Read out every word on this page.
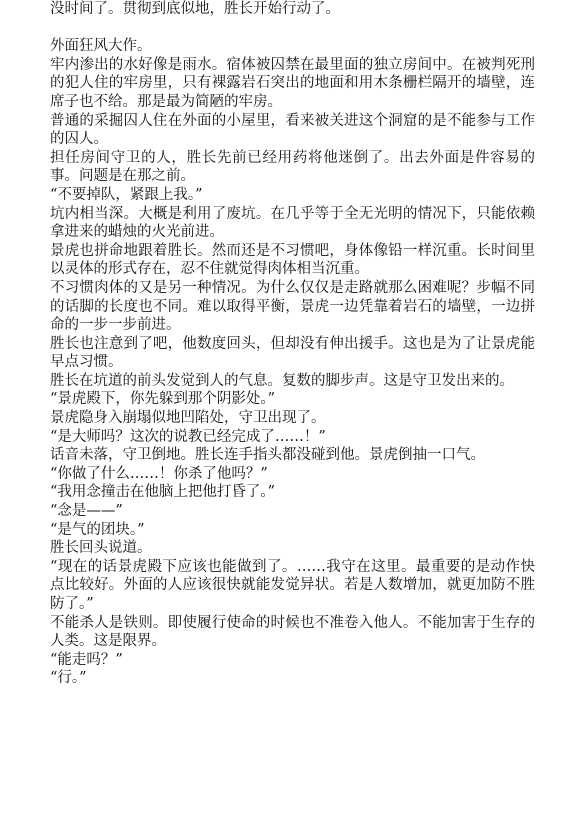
没时间了。贯彻到底似地，胜长开始行动了。

外面狂风大作。

牢内渗出的水好像是雨水。宿体被囚禁在最里面的独立房间中。在被判死刑的犯人住的牢房里，只有裸露岩石突出的地面和用木条栅栏隔开的墙壁，连席子也不给。那是最为简陋的牢房。

普通的采掘囚人住在外面的小屋里，看来被关进这个洞窟的是不能参与工作的囚人。

担任房间守卫的人，胜长先前已经用药将他迷倒了。出去外面是件容易的事。问题是在那之前。

“不要掉队，紧跟上我。”

坑内相当深。大概是利用了废坑。在几乎等于全无光明的情况下，只能依赖拿进来的蜡烛的火光前进。

景虎也拼命地跟着胜长。然而还是不习惯吧，身体像铅一样沉重。长时间里以灵体的形式存在，忍不住就觉得肉体相当沉重。

不习惯肉体的又是另一种情况。为什么仅仅是走路就那么困难呢？步幅不同的话脚的长度也不同。难以取得平衡，景虎一边凭靠着岩石的墙壁，一边拼命的一步一步前进。

胜长也注意到了吧，他数度回头，但却没有伸出援手。这也是为了让景虎能早点习惯。

胜长在坑道的前头发觉到人的气息。复数的脚步声。这是守卫发出来的。

“景虎殿下，你先躲到那个阴影处。”

景虎隐身入崩塌似地凹陷处，守卫出现了。

“是大师吗？这次的说教已经完成了……！”

话音未落，守卫倒地。胜长连手指头都没碰到他。景虎倒抽一口气。

“你做了什么……！你杀了他吗？”

“我用念撞击在他脑上把他打昏了。”

“念是——”

“是气的团块。”

胜长回头说道。

“现在的话景虎殿下应该也能做到了。……我守在这里。最重要的是动作快点比较好。外面的人应该很快就能发觉异状。若是人数增加，就更加防不胜防了。”

不能杀人是铁则。即使履行使命的时候也不准卷入他人。不能加害于生存的人类。这是限界。

“能走吗？”

“行。”
